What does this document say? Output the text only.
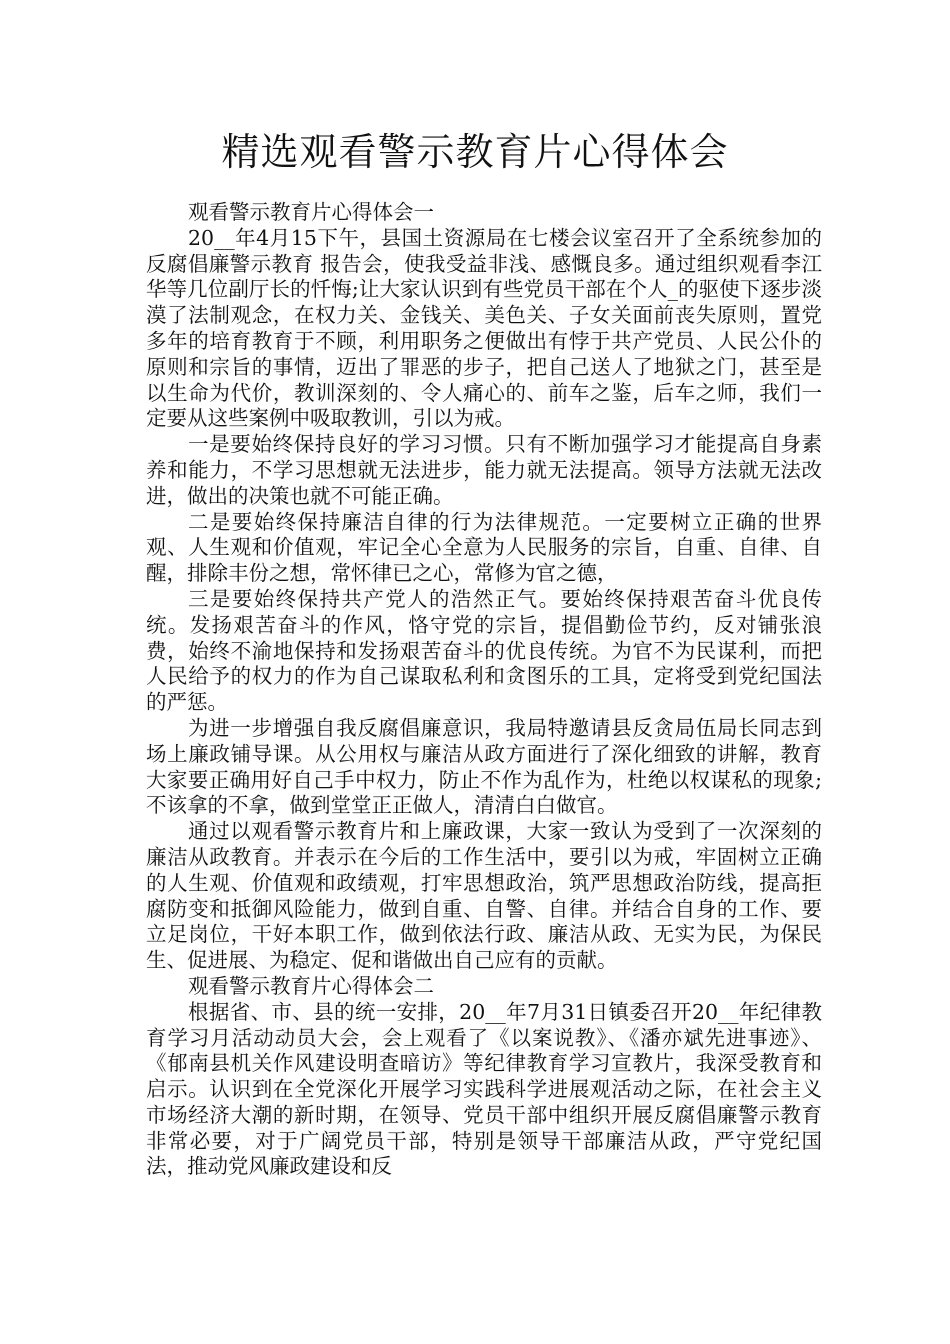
精选观看警示教育片心得体会

观看警示教育片心得体会一

20__年4月15下午，县国土资源局在七楼会议室召开了全系统参加的 反腐倡廉警示教育 报告会，使我受益非浅、感慨良多。通过组织观看李江华等几位副厅长的忏悔;让大家认识到有些党员干部在个人_的驱使下逐步淡漠了法制观念，在权力关、金钱关、美色关、子女关面前丧失原则，置党多年的培育教育于不顾，利用职务之便做出有悖于共产党员、人民公仆的原则和宗旨的事情，迈出了罪恶的步子，把自己送人了地狱之门，甚至是以生命为代价，教训深刻的、令人痛心的、前车之鉴，后车之师，我们一定要从这些案例中吸取教训，引以为戒。

一是要始终保持良好的学习习惯。只有不断加强学习才能提高自身素养和能力，不学习思想就无法进步，能力就无法提高。领导方法就无法改进，做出的决策也就不可能正确。

二是要始终保持廉洁自律的行为法律规范。一定要树立正确的世界观、人生观和价值观，牢记全心全意为人民服务的宗旨，自重、自律、自醒，排除丰份之想，常怀律已之心，常修为官之德，

三是要始终保持共产党人的浩然正气。要始终保持艰苦奋斗优良传统。发扬艰苦奋斗的作风，恪守党的宗旨，提倡勤俭节约，反对铺张浪费，始终不渝地保持和发扬艰苦奋斗的优良传统。为官不为民谋利，而把人民给予的权力的作为自己谋取私利和贪图乐的工具，定将受到党纪国法的严惩。

为进一步增强自我反腐倡廉意识，我局特邀请县反贪局伍局长同志到场上廉政铺导课。从公用权与廉洁从政方面进行了深化细致的讲解，教育大家要正确用好自己手中权力，防止不作为乱作为，杜绝以权谋私的现象;不该拿的不拿，做到堂堂正正做人，清清白白做官。

通过以观看警示教育片和上廉政课，大家一致认为受到了一次深刻的廉洁从政教育。并表示在今后的工作生活中，要引以为戒，牢固树立正确的人生观、价值观和政绩观，打牢思想政治，筑严思想政治防线，提高拒腐防变和抵御风险能力，做到自重、自警、自律。并结合自身的工作、要立足岗位，干好本职工作，做到依法行政、廉洁从政、无实为民，为保民生、促进展、为稳定、促和谐做出自己应有的贡献。

观看警示教育片心得体会二

根据省、市、县的统一安排，20__年7月31日镇委召开20__年纪律教育学习月活动动员大会，会上观看了《以案说教》、《潘亦斌先进事迹》、《郁南县机关作风建设明查暗访》等纪律教育学习宣教片，我深受教育和启示。认识到在全党深化开展学习实践科学进展观活动之际，在社会主义市场经济大潮的新时期，在领导、党员干部中组织开展反腐倡廉警示教育非常必要，对于广阔党员干部，特别是领导干部廉洁从政，严守党纪国法，推动党风廉政建设和反
